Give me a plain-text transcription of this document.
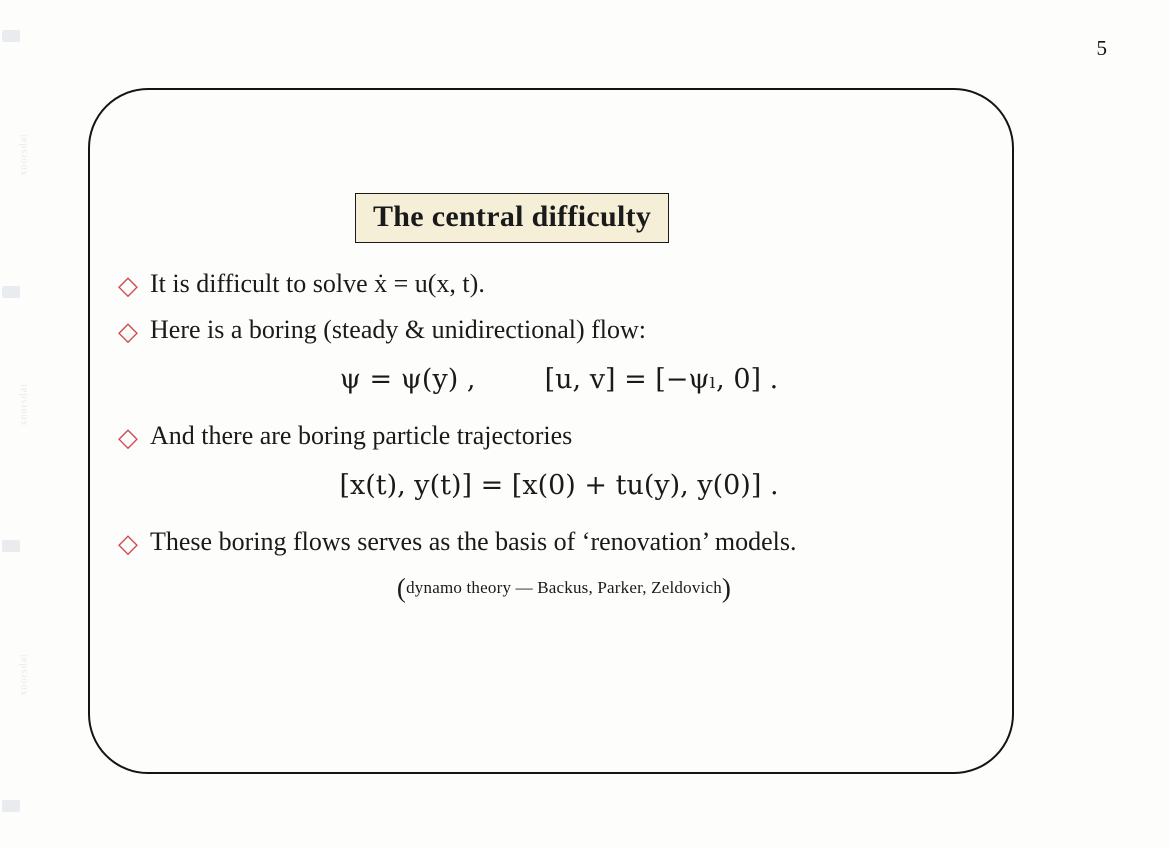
xnorsdat
xnorsdat
xnorsdat
5
The central difficulty
◇ It is difficult to solve ẋ = u(x, t).
◇ Here is a boring (steady & unidirectional) flow:
ψ = ψ(y) ,	[u, v] = [−ψₗ, 0] .
◇ And there are boring particle trajectories
[x(t), y(t)] = [x(0) + tu(y), y(0)] .
◇ These boring flows serves as the basis of ‘renovation’ models.
(dynamo theory — Backus, Parker, Zeldovich)
